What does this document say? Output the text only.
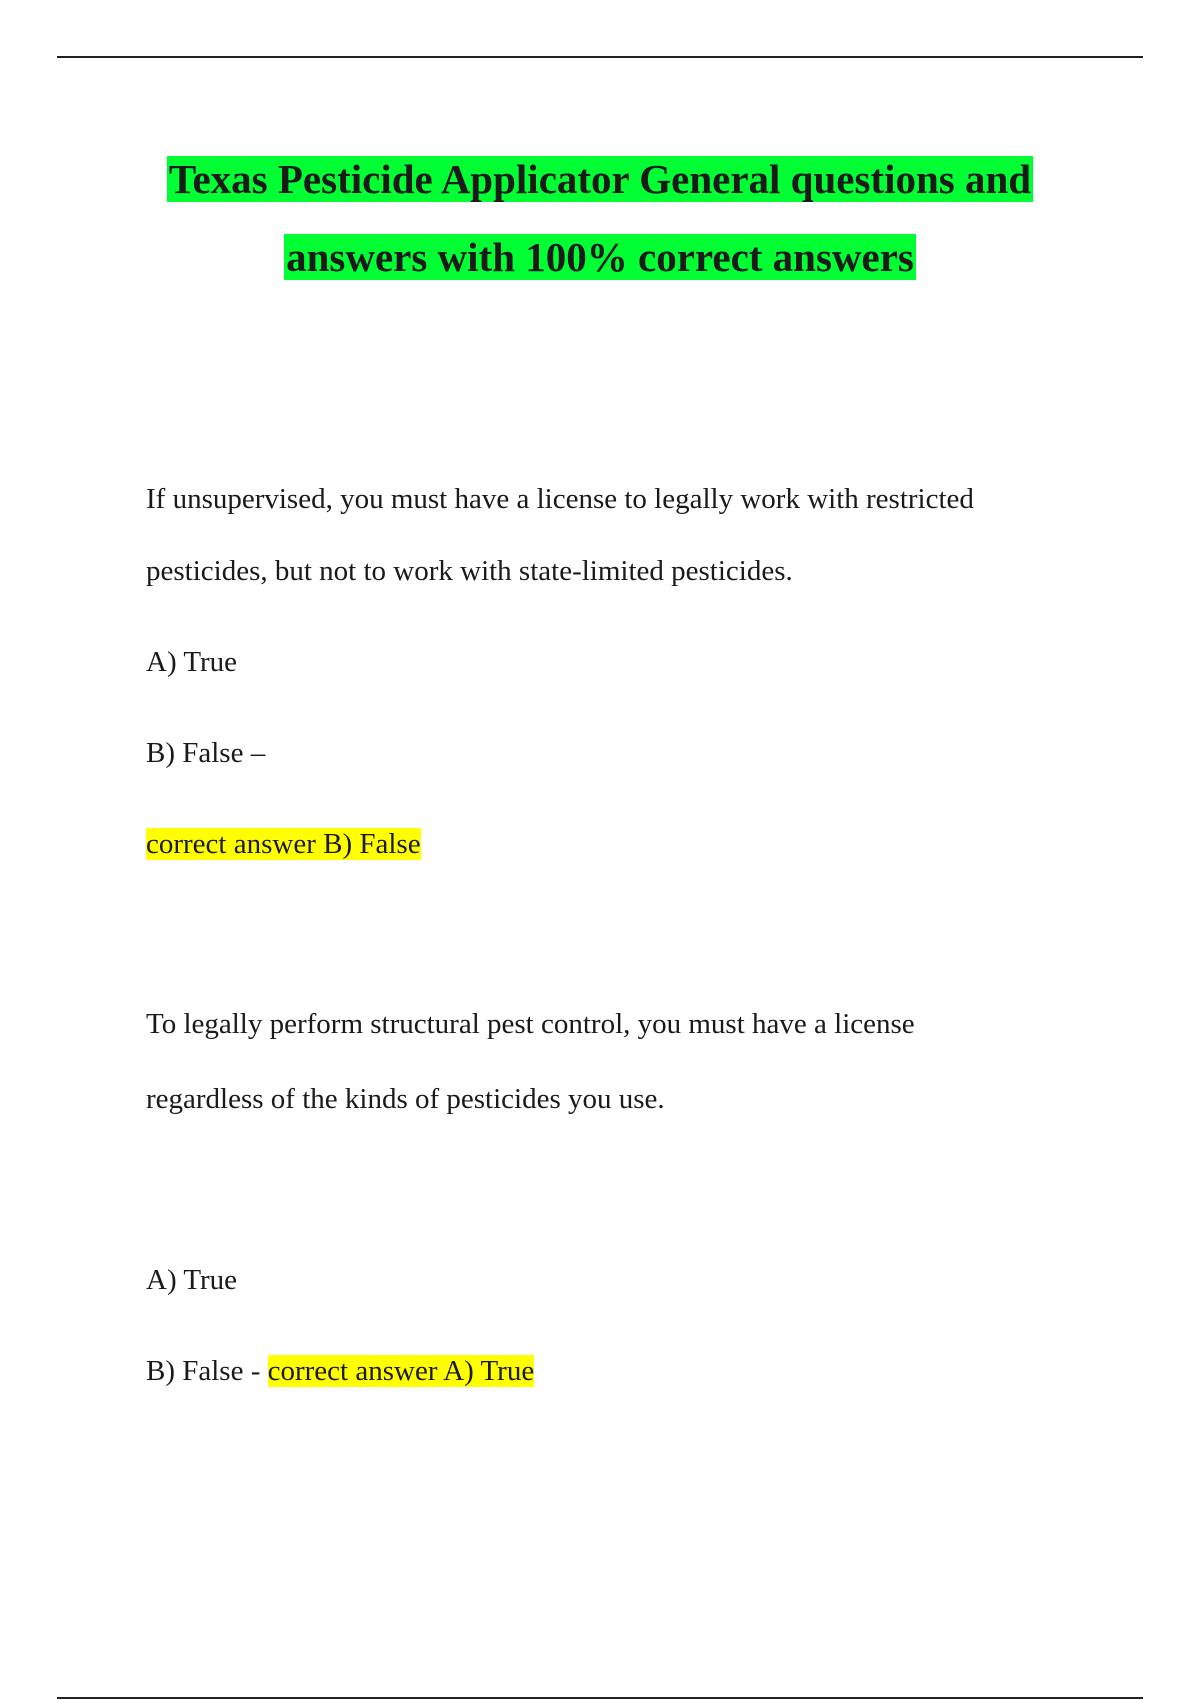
Texas Pesticide Applicator General questions and
answers with 100% correct answers
If unsupervised, you must have a license to legally work with restricted
pesticides, but not to work with state-limited pesticides.
A) True
B) False –
correct answer B) False
To legally perform structural pest control, you must have a license
regardless of the kinds of pesticides you use.
A) True
B) False - correct answer A) True
